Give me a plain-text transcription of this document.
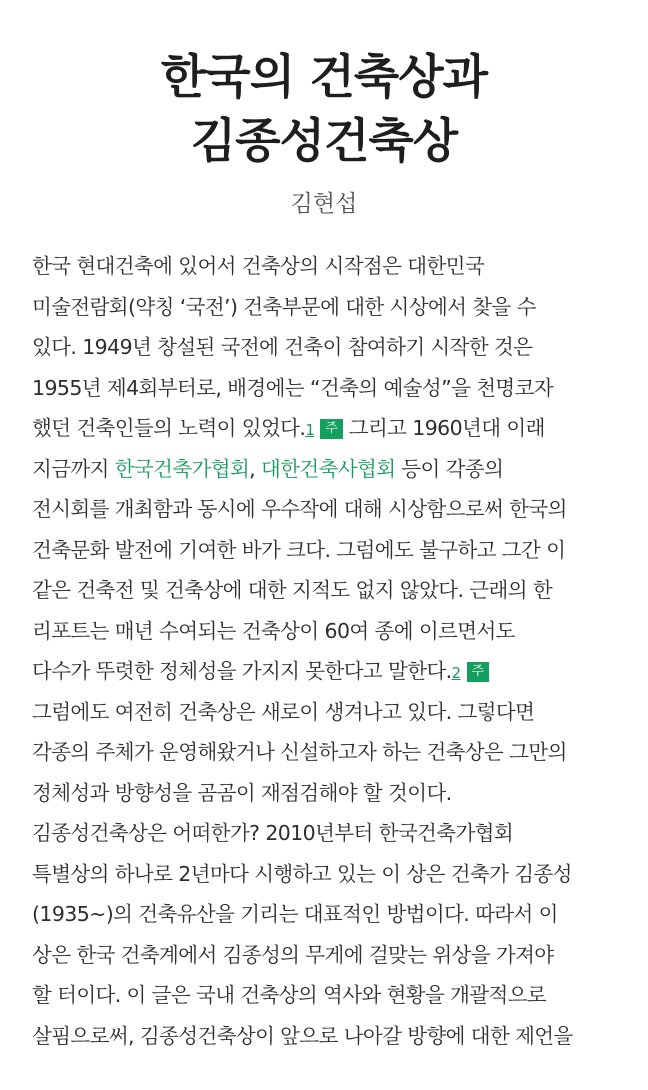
한국의 건축상과
김종성건축상
김현섭
한국 현대건축에 있어서 건축상의 시작점은 대한민국
미술전람회(약칭 ‘국전’) 건축부문에 대한 시상에서 찾을 수
있다. 1949년 창설된 국전에 건축이 참여하기 시작한 것은
1955년 제4회부터로, 배경에는 “건축의 예술성”을 천명코자
했던 건축인들의 노력이 있었다.1 주 그리고 1960년대 이래
지금까지 한국건축가협회, 대한건축사협회 등이 각종의
전시회를 개최함과 동시에 우수작에 대해 시상함으로써 한국의
건축문화 발전에 기여한 바가 크다. 그럼에도 불구하고 그간 이
같은 건축전 및 건축상에 대한 지적도 없지 않았다. 근래의 한
리포트는 매년 수여되는 건축상이 60여 종에 이르면서도
다수가 뚜렷한 정체성을 가지지 못한다고 말한다.2 주
그럼에도 여전히 건축상은 새로이 생겨나고 있다. 그렇다면
각종의 주체가 운영해왔거나 신설하고자 하는 건축상은 그만의
정체성과 방향성을 곰곰이 재점검해야 할 것이다.
김종성건축상은 어떠한가? 2010년부터 한국건축가협회
특별상의 하나로 2년마다 시행하고 있는 이 상은 건축가 김종성
(1935~)의 건축유산을 기리는 대표적인 방법이다. 따라서 이
상은 한국 건축계에서 김종성의 무게에 걸맞는 위상을 가져야
할 터이다. 이 글은 국내 건축상의 역사와 현황을 개괄적으로
살핌으로써, 김종성건축상이 앞으로 나아갈 방향에 대한 제언을
